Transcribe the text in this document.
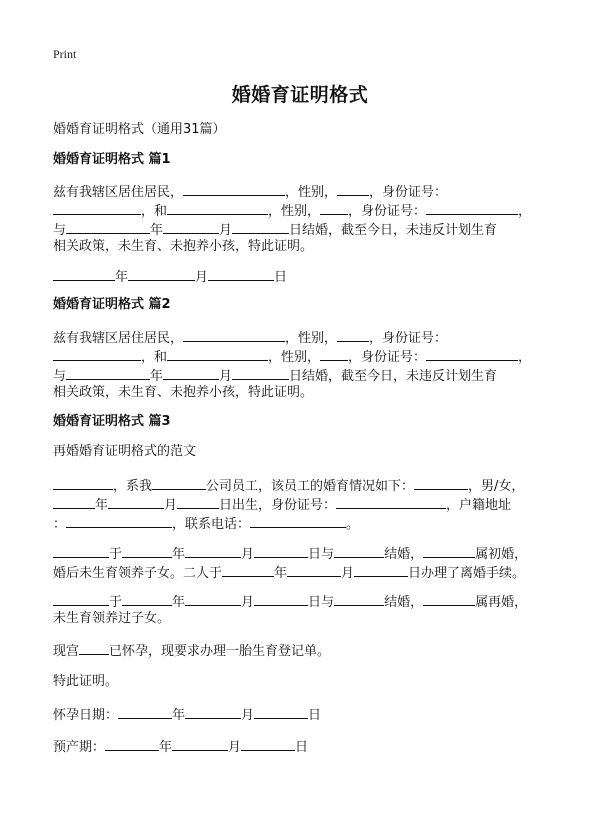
Print
婚婚育证明格式
婚婚育证明格式（通用31篇）
婚婚育证明格式 篇1
兹有我辖区居住居民，	，性别， ，身份证号：
，和	，性别， ，身份证号：	，
与	年	月	日结婚，截至今日，未违反计划生育
相关政策，未生育、未抱养小孩，特此证明。
年	月	日
婚婚育证明格式 篇2
兹有我辖区居住居民，	，性别， ，身份证号：
，和	，性别， ，身份证号：	，
与	年	月	日结婚，截至今日，未违反计划生育
相关政策，未生育、未抱养小孩，特此证明。
婚婚育证明格式 篇3
再婚婚育证明格式的范文
，系我	公司员工，该员工的婚育情况如下：	，男/女，
年	月	日出生，身份证号：	，户籍地址
：	，联系电话：	。
于	年	月	日与	结婚，	属初婚，
婚后未生育领养子女。二人于	年	月	日办理了离婚手续。
于	年	月	日与	结婚，	属再婚，
未生育领养过子女。
现宫 已怀孕，现要求办理一胎生育登记单。
特此证明。
怀孕日期：	年	月	日
预产期：	年	月	日
